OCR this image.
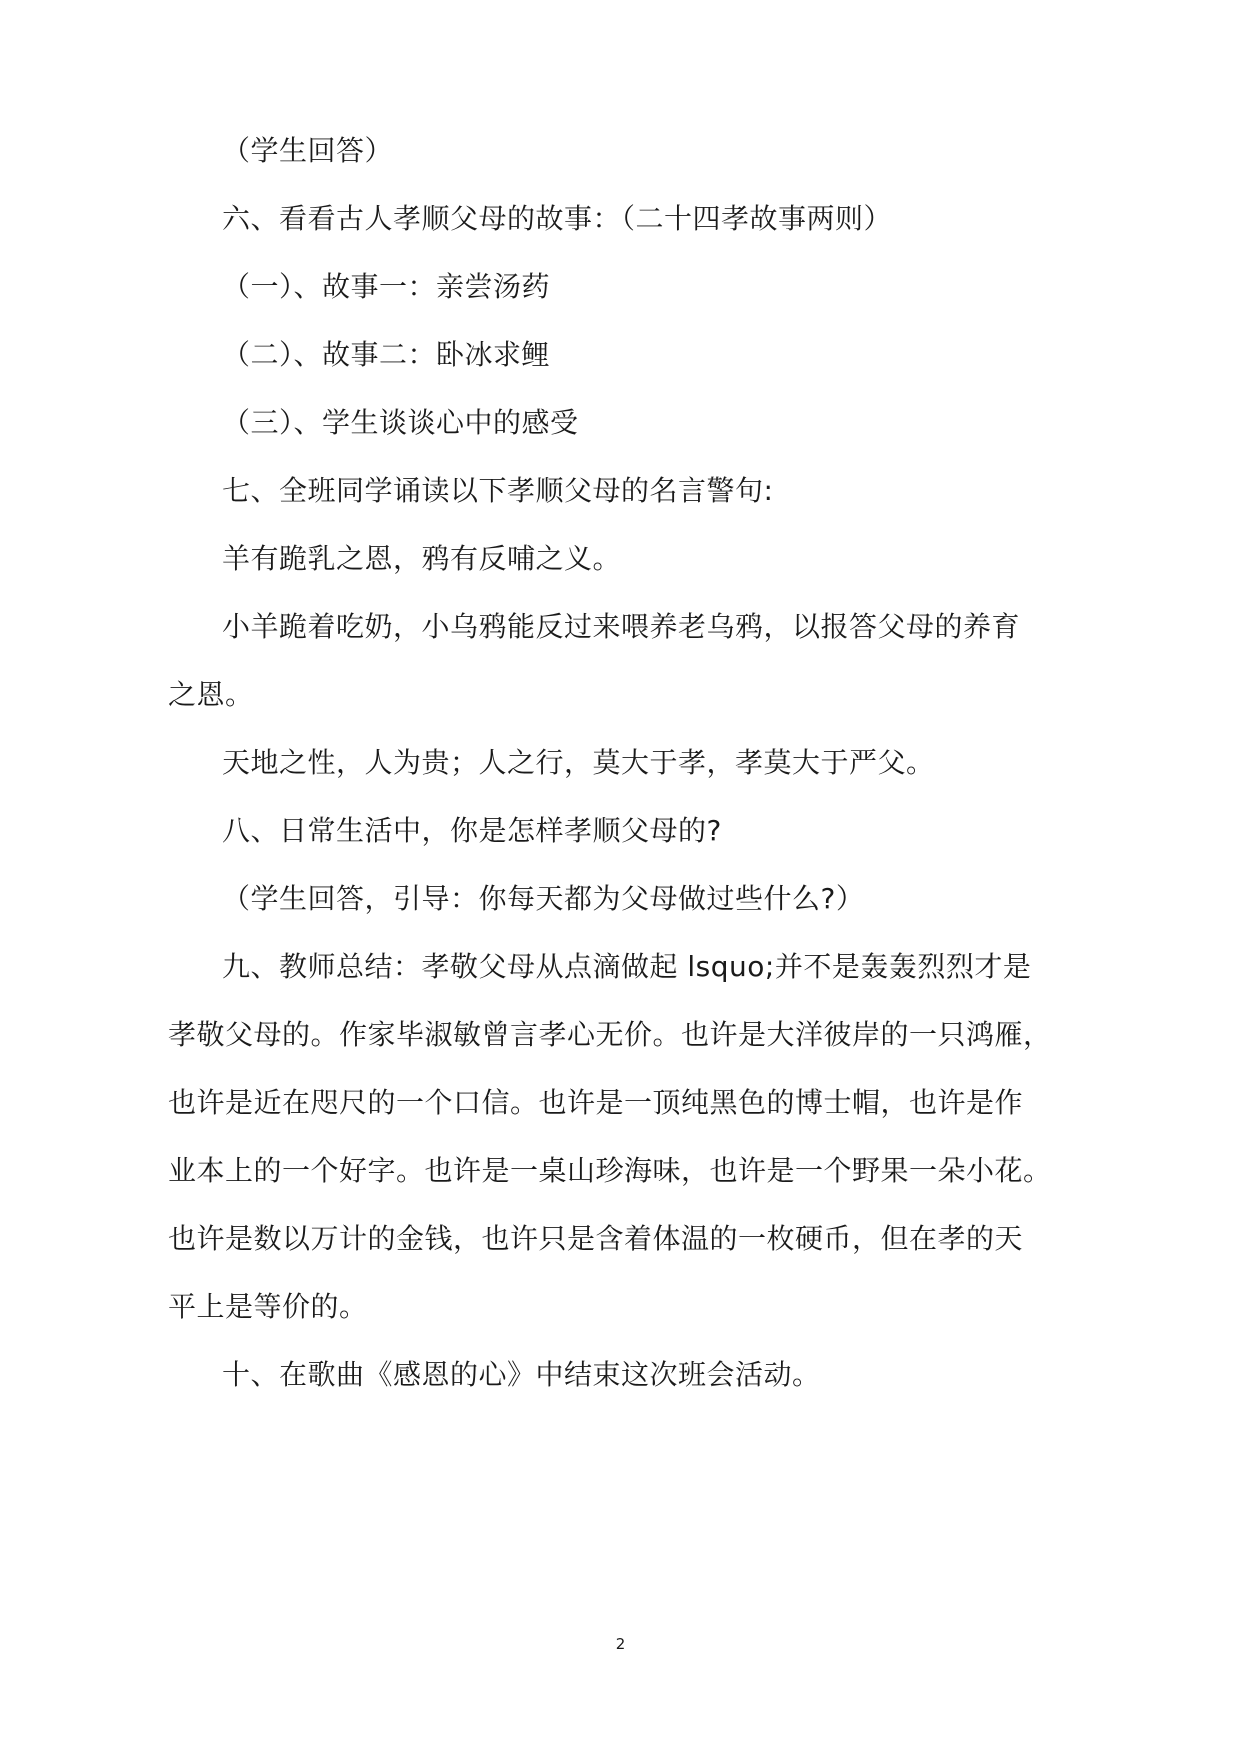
（学生回答）
六、看看古人孝顺父母的故事：（二十四孝故事两则）
（一）、故事一：亲尝汤药
（二）、故事二：卧冰求鲤
（三）、学生谈谈心中的感受
七、全班同学诵读以下孝顺父母的名言警句:
羊有跪乳之恩，鸦有反哺之义。
小羊跪着吃奶，小乌鸦能反过来喂养老乌鸦，以报答父母的养育
之恩。
天地之性，人为贵；人之行，莫大于孝，孝莫大于严父。
八、日常生活中，你是怎样孝顺父母的?
（学生回答，引导：你每天都为父母做过些什么?）
九、教师总结：孝敬父母从点滴做起 lsquo;并不是轰轰烈烈才是
孝敬父母的。作家毕淑敏曾言孝心无价。也许是大洋彼岸的一只鸿雁，
也许是近在咫尺的一个口信。也许是一顶纯黑色的博士帽，也许是作
业本上的一个好字。也许是一桌山珍海味，也许是一个野果一朵小花。
也许是数以万计的金钱，也许只是含着体温的一枚硬币，但在孝的天
平上是等价的。
十、在歌曲《感恩的心》中结束这次班会活动。
2
